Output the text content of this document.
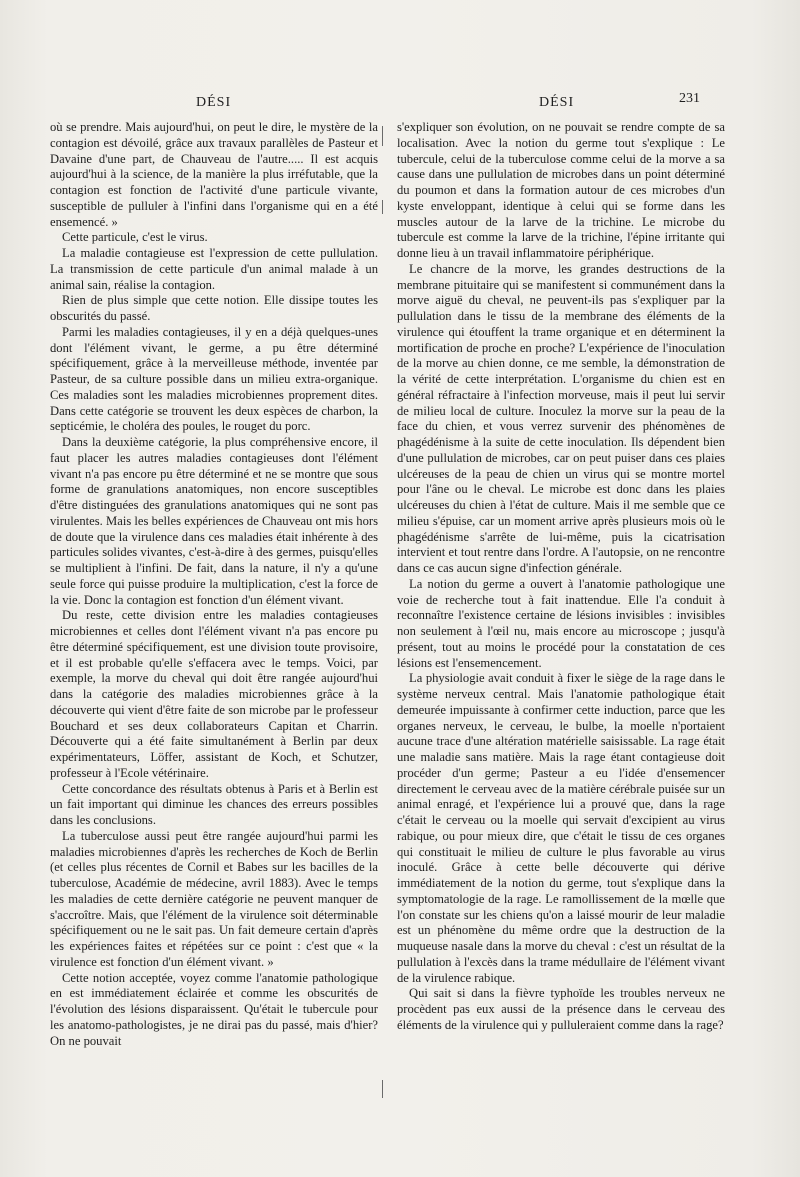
DÉSI	DÉSI	231

où se prendre. Mais aujourd'hui, on peut le dire, le mystère de la contagion est dévoilé, grâce aux travaux parallèles de Pasteur et Davaine d'une part, de Chauveau de l'autre..... Il est acquis aujourd'hui à la science, de la manière la plus irréfutable, que la contagion est fonction de l'activité d'une particule vivante, susceptible de pulluler à l'infini dans l'organisme qui en a été ensemencé. »

Cette particule, c'est le virus.

La maladie contagieuse est l'expression de cette pullulation. La transmission de cette particule d'un animal malade à un animal sain, réalise la contagion.

Rien de plus simple que cette notion. Elle dissipe toutes les obscurités du passé.

Parmi les maladies contagieuses, il y en a déjà quelques-unes dont l'élément vivant, le germe, a pu être déterminé spécifiquement, grâce à la merveilleuse méthode, inventée par Pasteur, de sa culture possible dans un milieu extra-organique. Ces maladies sont les maladies microbiennes proprement dites. Dans cette catégorie se trouvent les deux espèces de charbon, la septicémie, le choléra des poules, le rouget du porc.

Dans la deuxième catégorie, la plus compréhensive encore, il faut placer les autres maladies contagieuses dont l'élément vivant n'a pas encore pu être déterminé et ne se montre que sous forme de granulations anatomiques, non encore susceptibles d'être distinguées des granulations anatomiques qui ne sont pas virulentes. Mais les belles expériences de Chauveau ont mis hors de doute que la virulence dans ces maladies était inhérente à des particules solides vivantes, c'est-à-dire à des germes, puisqu'elles se multiplient à l'infini. De fait, dans la nature, il n'y a qu'une seule force qui puisse produire la multiplication, c'est la force de la vie. Donc la contagion est fonction d'un élément vivant.

Du reste, cette division entre les maladies contagieuses microbiennes et celles dont l'élément vivant n'a pas encore pu être déterminé spécifiquement, est une division toute provisoire, et il est probable qu'elle s'effacera avec le temps. Voici, par exemple, la morve du cheval qui doit être rangée aujourd'hui dans la catégorie des maladies microbiennes grâce à la découverte qui vient d'être faite de son microbe par le professeur Bouchard et ses deux collaborateurs Capitan et Charrin. Découverte qui a été faite simultanément à Berlin par deux expérimentateurs, Löffer, assistant de Koch, et Schutzer, professeur à l'Ecole vétérinaire.

Cette concordance des résultats obtenus à Paris et à Berlin est un fait important qui diminue les chances des erreurs possibles dans les conclusions.

La tuberculose aussi peut être rangée aujourd'hui parmi les maladies microbiennes d'après les recherches de Koch de Berlin (et celles plus récentes de Cornil et Babes sur les bacilles de la tuberculose, Académie de médecine, avril 1883). Avec le temps les maladies de cette dernière catégorie ne peuvent manquer de s'accroître. Mais, que l'élément de la virulence soit déterminable spécifiquement ou ne le sait pas. Un fait demeure certain d'après les expériences faites et répétées sur ce point : c'est que « la virulence est fonction d'un élément vivant. »

Cette notion acceptée, voyez comme l'anatomie pathologique en est immédiatement éclairée et comme les obscurités de l'évolution des lésions disparaissent. Qu'était le tubercule pour les anatomo-pathologistes, je ne dirai pas du passé, mais d'hier? On ne pouvait

s'expliquer son évolution, on ne pouvait se rendre compte de sa localisation. Avec la notion du germe tout s'explique : Le tubercule, celui de la tuberculose comme celui de la morve a sa cause dans une pullulation de microbes dans un point déterminé du poumon et dans la formation autour de ces microbes d'un kyste enveloppant, identique à celui qui se forme dans les muscles autour de la larve de la trichine. Le microbe du tubercule est comme la larve de la trichine, l'épine irritante qui donne lieu à un travail inflammatoire périphérique.

Le chancre de la morve, les grandes destructions de la membrane pituitaire qui se manifestent si communément dans la morve aiguë du cheval, ne peuvent-ils pas s'expliquer par la pullulation dans le tissu de la membrane des éléments de la virulence qui étouffent la trame organique et en déterminent la mortification de proche en proche? L'expérience de l'inoculation de la morve au chien donne, ce me semble, la démonstration de la vérité de cette interprétation. L'organisme du chien est en général réfractaire à l'infection morveuse, mais il peut lui servir de milieu local de culture. Inoculez la morve sur la peau de la face du chien, et vous verrez survenir des phénomènes de phagédénisme à la suite de cette inoculation. Ils dépendent bien d'une pullulation de microbes, car on peut puiser dans ces plaies ulcéreuses de la peau de chien un virus qui se montre mortel pour l'âne ou le cheval. Le microbe est donc dans les plaies ulcéreuses du chien à l'état de culture. Mais il me semble que ce milieu s'épuise, car un moment arrive après plusieurs mois où le phagédénisme s'arrête de lui-même, puis la cicatrisation intervient et tout rentre dans l'ordre. A l'autopsie, on ne rencontre dans ce cas aucun signe d'infection générale.

La notion du germe a ouvert à l'anatomie pathologique une voie de recherche tout à fait inattendue. Elle l'a conduit à reconnaître l'existence certaine de lésions invisibles : invisibles non seulement à l'œil nu, mais encore au microscope ; jusqu'à présent, tout au moins le procédé pour la constatation de ces lésions est l'ensemencement.

La physiologie avait conduit à fixer le siège de la rage dans le système nerveux central. Mais l'anatomie pathologique était demeurée impuissante à confirmer cette induction, parce que les organes nerveux, le cerveau, le bulbe, la moelle n'portaient aucune trace d'une altération matérielle saisissable. La rage était une maladie sans matière. Mais la rage étant contagieuse doit procéder d'un germe; Pasteur a eu l'idée d'ensemencer directement le cerveau avec de la matière cérébrale puisée sur un animal enragé, et l'expérience lui a prouvé que, dans la rage c'était le cerveau ou la moelle qui servait d'excipient au virus rabique, ou pour mieux dire, que c'était le tissu de ces organes qui constituait le milieu de culture le plus favorable au virus inoculé. Grâce à cette belle découverte qui dérive immédiatement de la notion du germe, tout s'explique dans la symptomatologie de la rage. Le ramollissement de la mœlle que l'on constate sur les chiens qu'on a laissé mourir de leur maladie est un phénomène du même ordre que la destruction de la muqueuse nasale dans la morve du cheval : c'est un résultat de la pullulation à l'excès dans la trame médullaire de l'élément vivant de la virulence rabique.

Qui sait si dans la fièvre typhoïde les troubles nerveux ne procèdent pas eux aussi de la présence dans le cerveau des éléments de la virulence qui y pulluleraient comme dans la rage?
